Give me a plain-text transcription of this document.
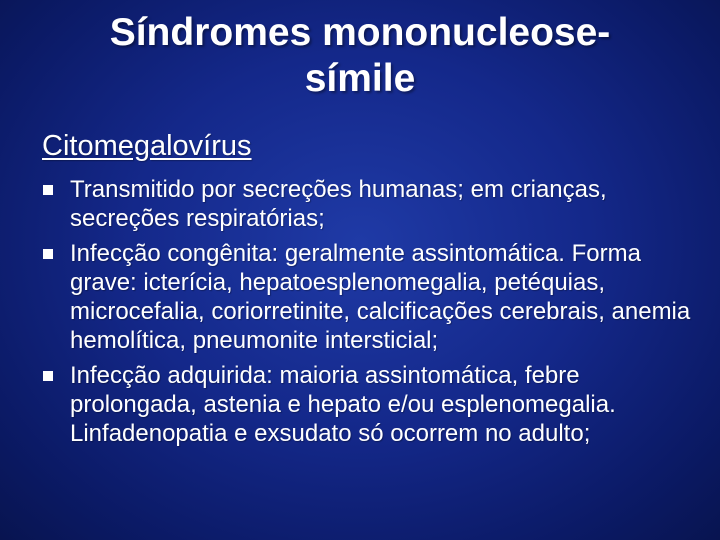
Síndromes mononucleose-
símile
Citomegalovírus
Transmitido por secreções humanas; em crianças, secreções respiratórias;
Infecção congênita: geralmente assintomática. Forma grave: icterícia, hepatoesplenomegalia, petéquias, microcefalia, coriorretinite, calcificações cerebrais, anemia hemolítica, pneumonite intersticial;
Infecção adquirida: maioria assintomática, febre prolongada, astenia e hepato e/ou esplenomegalia. Linfadenopatia e exsudato só ocorrem no adulto;
